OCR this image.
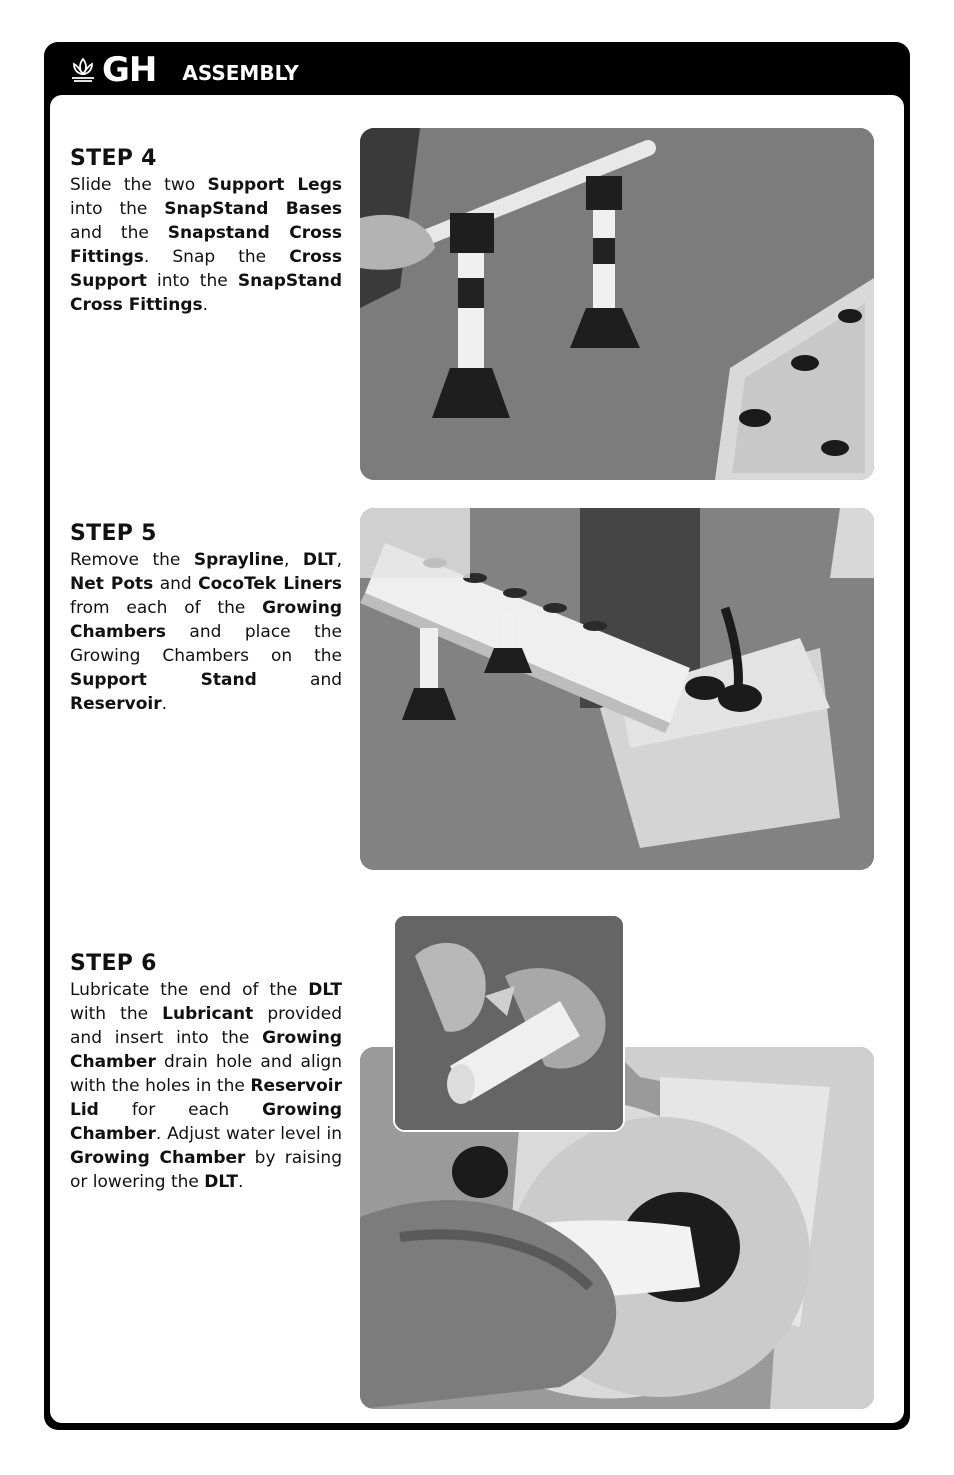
GH ASSEMBLY
STEP 4

Slide the two Support Legs into the SnapStand Bases and the Snapstand Cross Fittings. Snap the Cross Support into the SnapStand Cross Fittings.

STEP 5

Remove the Sprayline, DLT, Net Pots and CocoTek Liners from each of the Growing Chambers and place the Growing Chambers on the Support Stand and Reservoir.

STEP 6

Lubricate the end of the DLT with the Lubricant provided and insert into the Growing Chamber drain hole and align with the holes in the Reservoir Lid for each Growing Chamber. Adjust water level in Growing Chamber by raising or lowering the DLT.
